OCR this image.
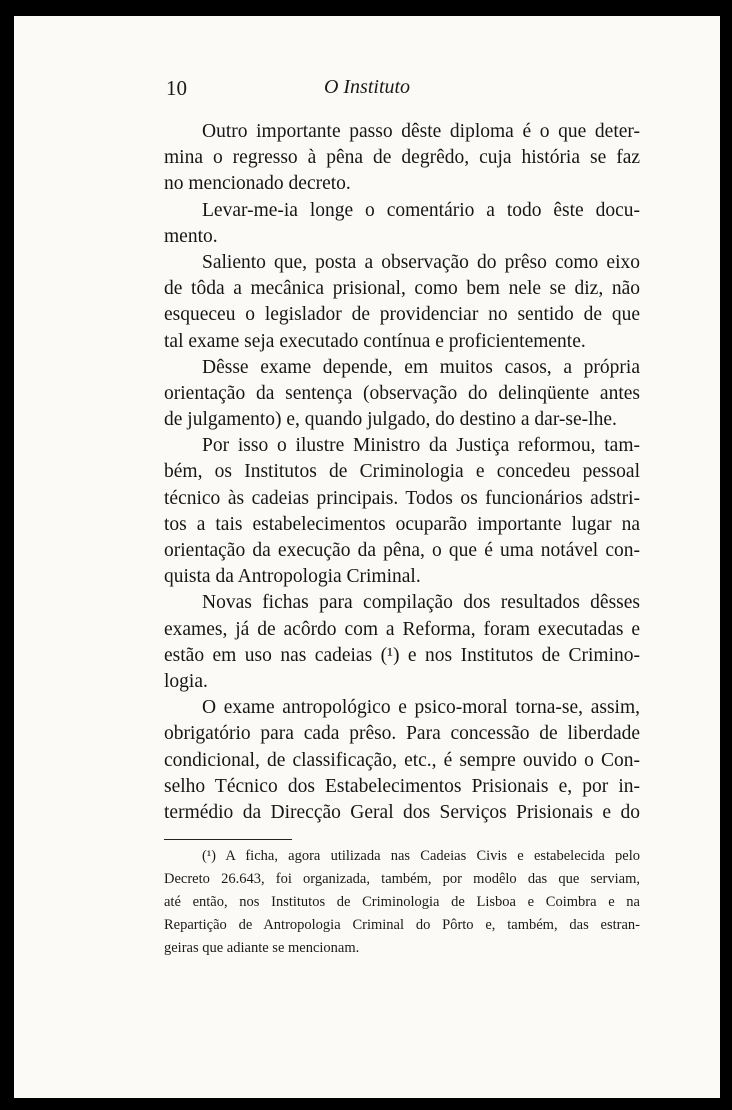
10	O Instituto
Outro importante passo dêste diploma é o que deter-
mina o regresso à pêna de degrêdo, cuja história se faz
no mencionado decreto.
Levar-me-ia longe o comentário a todo êste docu-
mento.
Saliento que, posta a observação do prêso como eixo
de tôda a mecânica prisional, como bem nele se diz, não
esqueceu o legislador de providenciar no sentido de que
tal exame seja executado contínua e proficientemente.
Dêsse exame depende, em muitos casos, a própria
orientação da sentença (observação do delinqüente antes
de julgamento) e, quando julgado, do destino a dar-se-lhe.
Por isso o ilustre Ministro da Justiça reformou, tam-
bém, os Institutos de Criminologia e concedeu pessoal
técnico às cadeias principais. Todos os funcionários adstri-
tos a tais estabelecimentos ocuparão importante lugar na
orientação da execução da pêna, o que é uma notável con-
quista da Antropologia Criminal.
Novas fichas para compilação dos resultados dêsses
exames, já de acôrdo com a Reforma, foram executadas e
estão em uso nas cadeias (¹) e nos Institutos de Crimino-
logia.
O exame antropológico e psico-moral torna-se, assim,
obrigatório para cada prêso. Para concessão de liberdade
condicional, de classificação, etc., é sempre ouvido o Con-
selho Técnico dos Estabelecimentos Prisionais e, por in-
termédio da Direcção Geral dos Serviços Prisionais e do
(¹) A ficha, agora utilizada nas Cadeias Civis e estabelecida pelo
Decreto 26.643, foi organizada, também, por modêlo das que serviam,
até então, nos Institutos de Criminologia de Lisboa e Coimbra e na
Repartição de Antropologia Criminal do Pôrto e, também, das estran-
geiras que adiante se mencionam.
